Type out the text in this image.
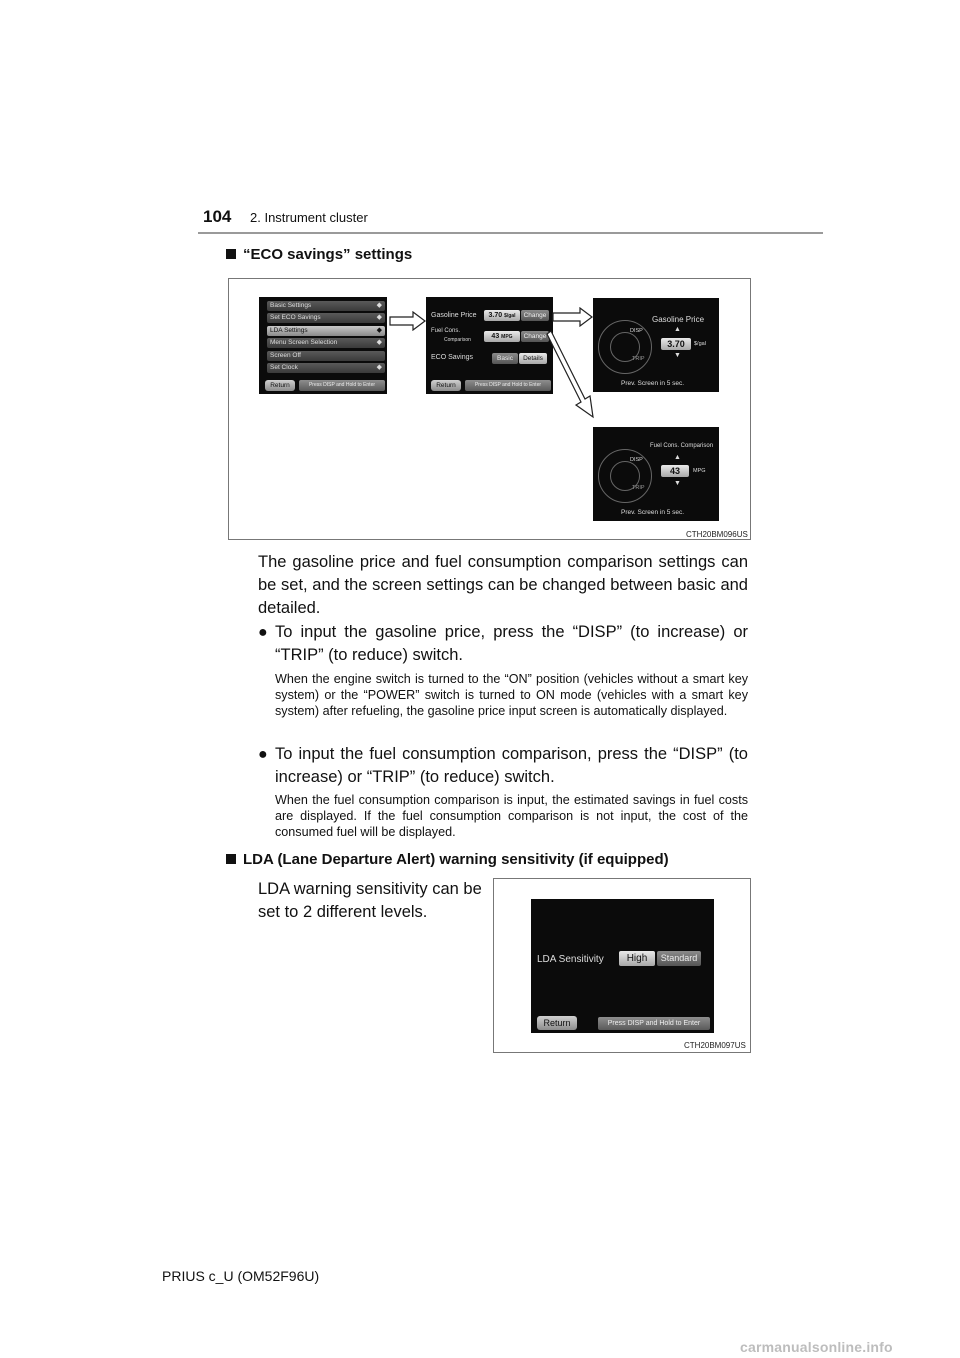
104 2. Instrument cluster
“ECO savings” settings
Basic Settings	◆
Set ECO Savings	◆
LDA Settings	◆
Menu Screen Selection	◆
Screen Off
Set Clock	◆
Return	Press DISP and Hold to Enter
Gasoline Price	3.70 $/gal	Change
Fuel Cons.
Comparison	43 MPG	Change
ECO Savings	Basic	Details
Return	Press DISP and Hold to Enter
DISP
TRIP
Gasoline Price
▲
3.70	$/gal
▼
Prev. Screen in 5 sec.
DISP
TRIP
Fuel Cons. Comparison
▲
43	MPG
▼
Prev. Screen in 5 sec.
CTH20BM096US
The gasoline price and fuel consumption comparison settings can be set, and the screen settings can be changed between basic and detailed.
● To input the gasoline price, press the “DISP” (to increase) or “TRIP” (to reduce) switch.
When the engine switch is turned to the “ON” position (vehicles without a smart key system) or the “POWER” switch is turned to ON mode (vehicles with a smart key system) after refueling, the gasoline price input screen is automatically displayed.
● To input the fuel consumption comparison, press the “DISP” (to increase) or “TRIP” (to reduce) switch.
When the fuel consumption comparison is input, the estimated savings in fuel costs are displayed. If the fuel consumption comparison is not input, the cost of the consumed fuel will be displayed.
LDA (Lane Departure Alert) warning sensitivity (if equipped)
LDA warning sensitivity can be set to 2 different levels.
LDA Sensitivity	High	Standard
Return	Press DISP and Hold to Enter
CTH20BM097US
PRIUS c_U (OM52F96U)
carmanualsonline.info
